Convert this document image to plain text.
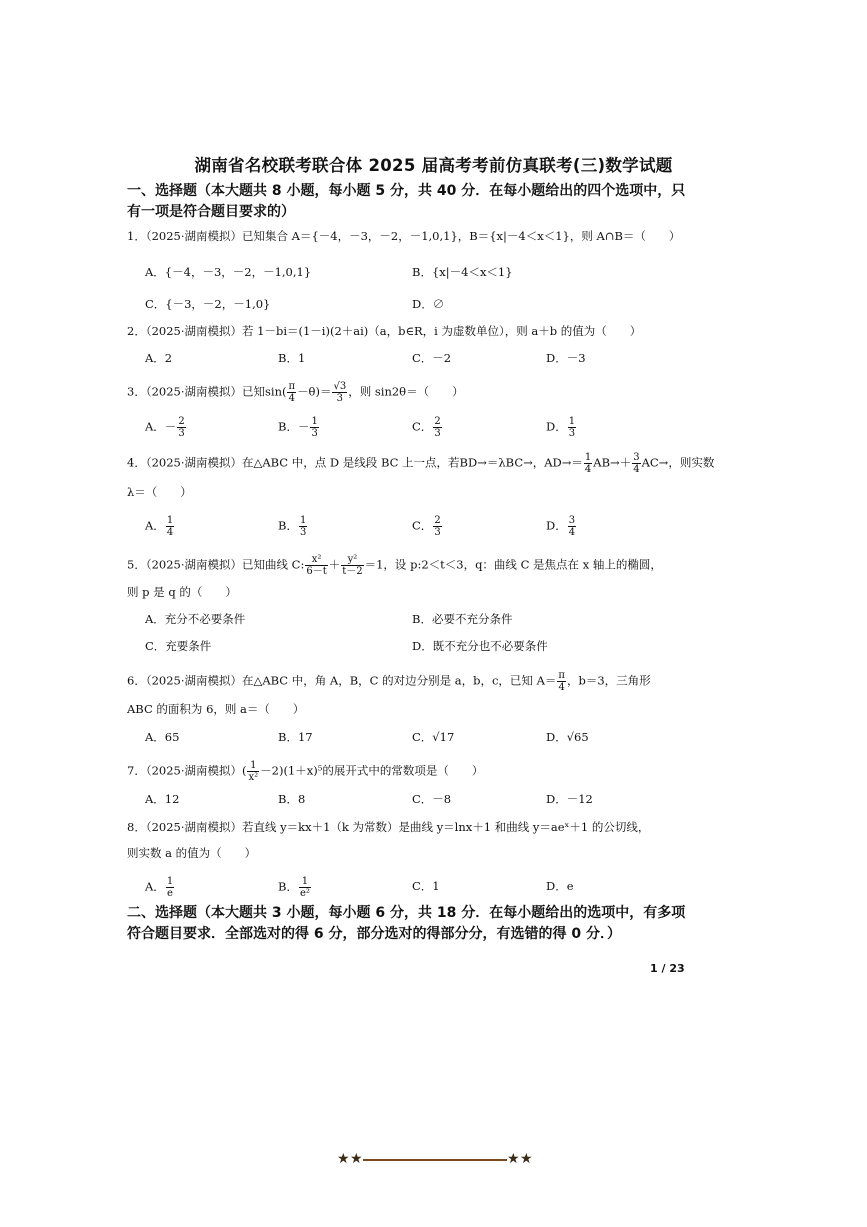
湖南省名校联考联合体 2025 届高考考前仿真联考(三)数学试题
一、选择题（本大题共 8 小题，每小题 5 分，共 40 分．在每小题给出的四个选项中，只有一项是符合题目要求的）
1．（2025·湖南模拟）已知集合 A＝{－4，－3，－2，－1,0,1}，B＝{x|－4＜x＜1}，则 A∩B＝（　　）
A．{－4，－3，－2，－1,0,1}	B．{x|－4＜x＜1}
C．{－3，－2，－1,0}	D．∅
2．（2025·湖南模拟）若 1－bi＝(1－i)(2＋ai)（a，b∈R，i 为虚数单位），则 a＋b 的值为（　　）
A．2	B．1	C．－2	D．－3
3．（2025·湖南模拟）已知$\sin( \frac{\pi}{4} -\theta)= \frac{√3}{3}$ ，则 sin2θ＝（　　）
A．－ $\frac{2}{3}$	B．－ $\frac{1}{3}$	C． $\frac{2}{3}$	D． $\frac{1}{3}$
4．（2025·湖南模拟）在△ABC 中，点 D 是线段 BC 上一点，若BD→＝λBC→，$AD\to= \frac{1}{4} AB\to+ \frac{3}{4} AC\to$，则实数
λ＝（　　）
A． $\frac{1}{4}$	B． $\frac{1}{3}$	C． $\frac{2}{3}$	D． $\frac{3}{4}$
5．（2025·湖南模拟）已知曲线 C: $\frac{\text{x²}}{6-t} + \frac{\text{y²}}{t-2} =1$，设 p:2＜t＜3，q：曲线 C 是焦点在 x 轴上的椭圆，
则 p 是 q 的（　　）
A．充分不必要条件	B．必要不充分条件
C．充要条件	D．既不充分也不必要条件
6．（2025·湖南模拟）在△ABC 中，角 A，B，C 的对边分别是 a，b，c，已知 $A= \frac{\pi}{4}$ ，b＝3，三角形
ABC 的面积为 6，则 a＝（　　）
A．65	B．17	C．√17	D．√65
7．（2025·湖南模拟）( $\frac{1}{\text{x²}} -2)(1+x)^5$的展开式中的常数项是（　　）
A．12	B．8	C．－8	D．－12
8．（2025·湖南模拟）若直线 y＝kx＋1（k 为常数）是曲线 y＝lnx＋1 和曲线 y＝aeˣ＋1 的公切线，
则实数 a 的值为（　　）
A． $\frac{1}{e}$	B． $\frac{1}{\text{e²}}$	C．1	D．e
二、选择题（本大题共 3 小题，每小题 6 分，共 18 分．在每小题给出的选项中，有多项符合题目要求．全部选对的得 6 分，部分选对的得部分分，有选错的得 0 分．）
1 / 23
★ ★	★ ★
